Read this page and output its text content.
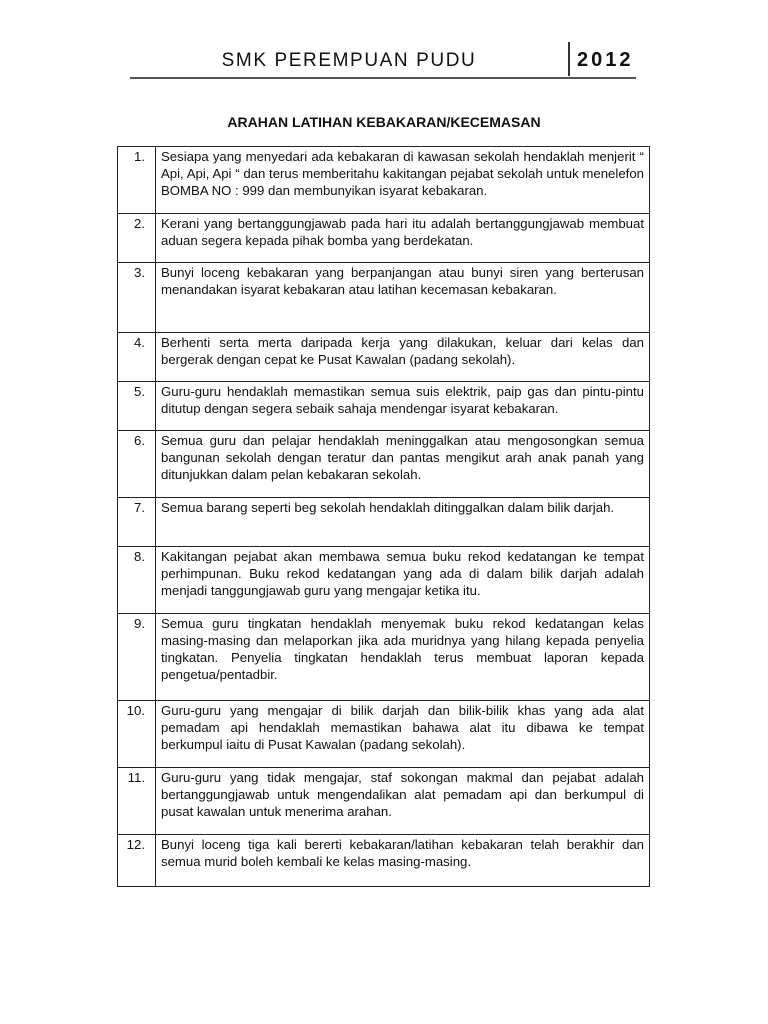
SMK PEREMPUAN PUDU	2012
ARAHAN LATIHAN KEBAKARAN/KECEMASAN
1.	Sesiapa yang menyedari ada kebakaran di kawasan sekolah hendaklah menjerit “ Api, Api, Api “ dan terus memberitahu kakitangan pejabat sekolah untuk menelefon BOMBA NO : 999 dan membunyikan isyarat kebakaran.
2.	Kerani yang bertanggungjawab pada hari itu adalah bertanggungjawab membuat aduan segera kepada pihak bomba yang berdekatan.
3.	Bunyi loceng kebakaran yang berpanjangan atau bunyi siren yang berterusan menandakan isyarat kebakaran atau latihan kecemasan kebakaran.
4.	Berhenti serta merta daripada kerja yang dilakukan, keluar dari kelas dan bergerak dengan cepat ke Pusat Kawalan (padang sekolah).
5.	Guru-guru hendaklah memastikan semua suis elektrik, paip gas dan pintu-pintu ditutup dengan segera sebaik sahaja mendengar isyarat kebakaran.
6.	Semua guru dan pelajar hendaklah meninggalkan atau mengosongkan semua bangunan sekolah dengan teratur dan pantas mengikut arah anak panah yang ditunjukkan dalam pelan kebakaran sekolah.
7.	Semua barang seperti beg sekolah hendaklah ditinggalkan dalam bilik darjah.
8.	Kakitangan pejabat akan membawa semua buku rekod kedatangan ke tempat perhimpunan. Buku rekod kedatangan yang ada di dalam bilik darjah adalah menjadi tanggungjawab guru yang mengajar ketika itu.
9.	Semua guru tingkatan hendaklah menyemak buku rekod kedatangan kelas masing-masing dan melaporkan jika ada muridnya yang hilang kepada penyelia tingkatan. Penyelia tingkatan hendaklah terus membuat laporan kepada pengetua/pentadbir.
10.	Guru-guru yang mengajar di bilik darjah dan bilik-bilik khas yang ada alat pemadam api hendaklah memastikan bahawa alat itu dibawa ke tempat berkumpul iaitu di Pusat Kawalan (padang sekolah).
11.	Guru-guru yang tidak mengajar, staf sokongan makmal dan pejabat adalah bertanggungjawab untuk mengendalikan alat pemadam api dan berkumpul di pusat kawalan untuk menerima arahan.
12.	Bunyi loceng tiga kali bererti kebakaran/latihan kebakaran telah berakhir dan semua murid boleh kembali ke kelas masing-masing.
